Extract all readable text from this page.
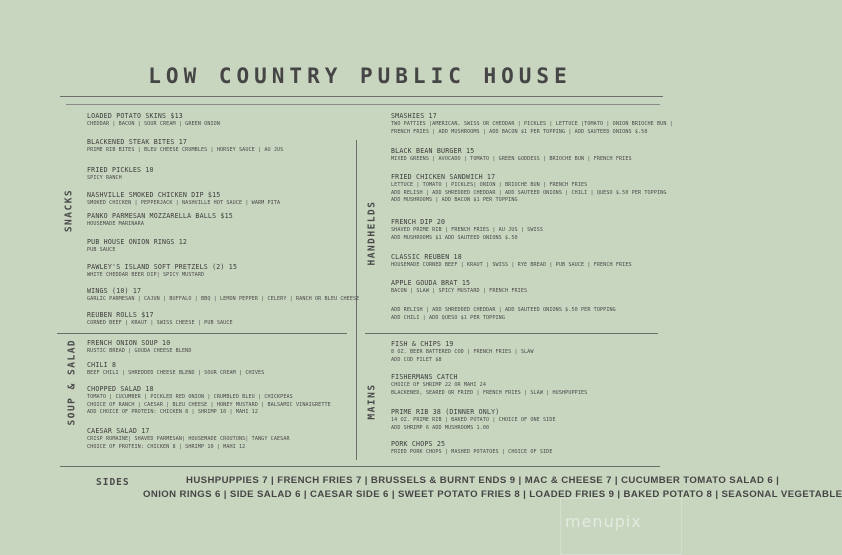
LOW COUNTRY PUBLIC HOUSE
SNACKS
SOUP & SALAD
HANDHELDS
MAINS
LOADED POTATO SKINS $13
CHEDDAR | BACON | SOUR CREAM | GREEN ONION
BLACKENED STEAK BITES 17
PRIME RIB BITES | BLEU CHEESE CRUMBLES | HORSEY SAUCE | AU JUS
FRIED PICKLES 10
SPICY RANCH
NASHVILLE SMOKED CHICKEN DIP $15
SMOKED CHICKEN | PEPPERJACK | NASHVILLE HOT SAUCE | WARM PITA
PANKO PARMESAN MOZZARELLA BALLS $15
HOUSEMADE MARINARA
PUB HOUSE ONION RINGS 12
PUB SAUCE
PAWLEY'S ISLAND SOFT PRETZELS (2) 15
WHITE CHEDDAR BEER DIP| SPICY MUSTARD
WINGS (10) 17
GARLIC PARMESAN | CAJUN | BUFFALO | BBQ | LEMON PEPPER | CELERY | RANCH OR BLEU CHEESE
REUBEN ROLLS $17
CORNED BEEF | KRAUT | SWISS CHEESE | PUB SAUCE
FRENCH ONION SOUP 10
RUSTIC BREAD | GOUDA CHEESE BLEND
CHILI 8
BEEF CHILI | SHREDDED CHEESE BLEND | SOUR CREAM | CHIVES
CHOPPED SALAD 18
TOMATO | CUCUMBER | PICKLED RED ONION | CRUMBLED BLEU | CHICKPEAS
CHOICE OF RANCH | CAESAR | BLEU CHEESE | HONEY MUSTARD | BALSAMIC VINAIGRETTE
ADD CHOICE OF PROTEIN: CHICKEN 8 | SHRIMP 10 | MAHI 12
CAESAR SALAD 17
CRISP ROMAINE| SHAVED PARMESAN| HOUSEMADE CROUTONS| TANGY CAESAR
CHOICE OF PROTEIN: CHICKEN 8 | SHRIMP 10 | MAHI 12
SMASHIES 17
TWO PATTIES |AMERICAN, SWISS OR CHEDDAR | PICKLES | LETTUCE |TOMATO | ONION BRIOCHE BUN |
FRENCH FRIES | ADD MUSHROOMS | ADD BACON $1 PER TOPPING | ADD SAUTEED ONIONS $.50
BLACK BEAN BURGER 15
MIXED GREENS | AVOCADO | TOMATO | GREEN GODDESS | BRIOCHE BUN | FRENCH FRIES
FRIED CHICKEN SANDWICH 17
LETTUCE | TOMATO | PICKLES| ONION | BRIOCHE BUN | FRENCH FRIES
ADD RELISH | ADD SHREDDED CHEDDAR | ADD SAUTEED ONIONS | CHILI | QUESO $.50 PER TOPPING
ADD MUSHROOMS | ADD BACON $1 PER TOPPING
FRENCH DIP 20
SHAVED PRIME RIB | FRENCH FRIES | AU JUS | SWISS
ADD MUSHROOMS $1 ADD SAUTEED ONIONS $.50
CLASSIC REUBEN 18
HOUSEMADE CORNED BEEF | KRAUT | SWISS | RYE BREAD | PUB SAUCE | FRENCH FRIES
APPLE GOUDA BRAT 15
BACON | SLAW | SPICY MUSTARD | FRENCH FRIES
ADD RELISH | ADD SHREDDED CHEDDAR | ADD SAUTEED ONIONS $.50 PER TOPPING
ADD CHILI | ADD QUESO $1 PER TOPPING
FISH & CHIPS 19
8 OZ. BEER BATTERED COD | FRENCH FRIES | SLAW
ADD COD FILET $8
FISHERMANS CATCH
CHOICE OF SHRIMP 22 OR MAHI 24
BLACKENED, SEARED OR FRIED | FRENCH FRIES | SLAW | HUSHPUPPIES
PRIME RIB 38 (DINNER ONLY)
14 OZ. PRIME RIB | BAKED POTATO | CHOICE OF ONE SIDE
ADD SHRIMP 6 ADD MUSHROOMS 1.00
PORK CHOPS 25
FRIED PORK CHOPS | MASHED POTATOES | CHOICE OF SIDE
SIDES	HUSHPUPPIES 7 | FRENCH FRIES 7 | BRUSSELS & BURNT ENDS 9 | MAC & CHEESE 7 | CUCUMBER TOMATO SALAD 6 |
ONION RINGS 6 | SIDE SALAD 6 | CAESAR SIDE 6 | SWEET POTATO FRIES 8 | LOADED FRIES 9 | BAKED POTATO 8 | SEASONAL VEGETABLE
menupix
